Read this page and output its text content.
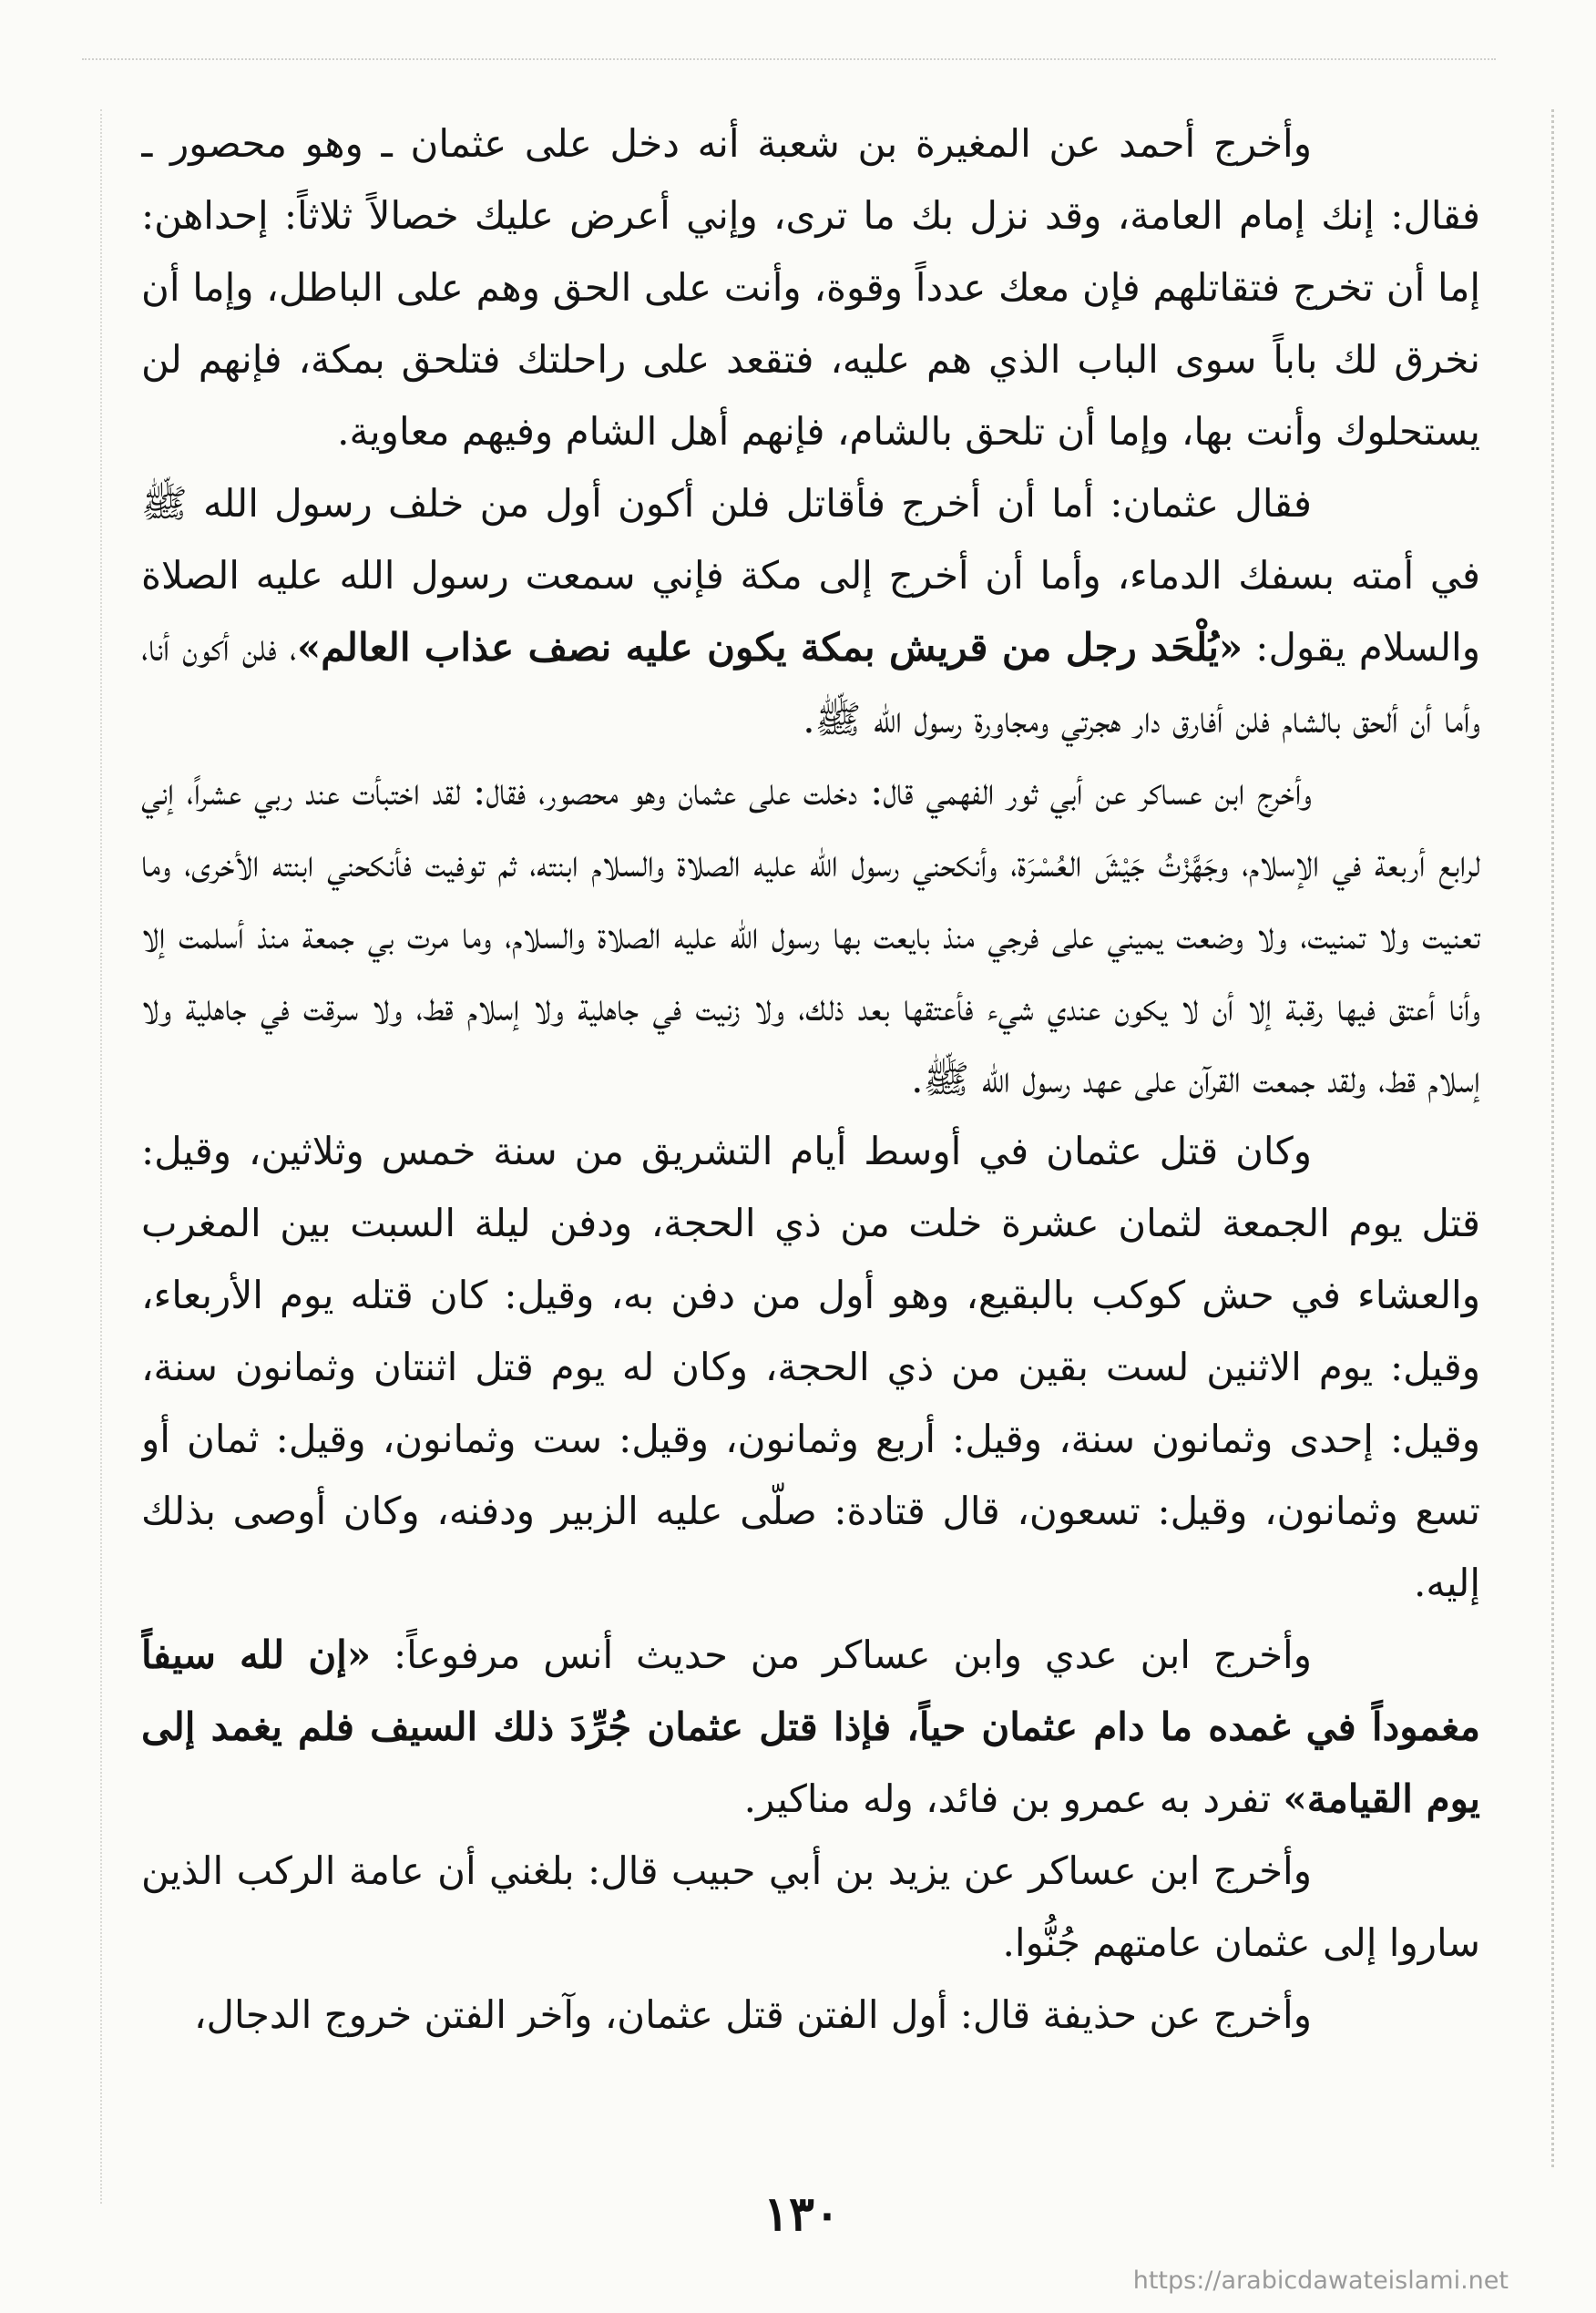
وأخرج أحمد عن المغيرة بن شعبة أنه دخل على عثمان ـ وهو محصور ـ فقال: إنك إمام العامة، وقد نزل بك ما ترى، وإني أعرض عليك خصالاً ثلاثاً: إحداهن: إما أن تخرج فتقاتلهم فإن معك عدداً وقوة، وأنت على الحق وهم على الباطل، وإما أن نخرق لك باباً سوى الباب الذي هم عليه، فتقعد على راحلتك فتلحق بمكة، فإنهم لن يستحلوك وأنت بها، وإما أن تلحق بالشام، فإنهم أهل الشام وفيهم معاوية.

فقال عثمان: أما أن أخرج فأقاتل فلن أكون أول من خلف رسول الله ﷺ في أمته بسفك الدماء، وأما أن أخرج إلى مكة فإني سمعت رسول الله عليه الصلاة والسلام يقول: «يُلْحَد رجل من قريش بمكة يكون عليه نصف عذاب العالم»، فلن أكون أنا، وأما أن ألحق بالشام فلن أفارق دار هجرتي ومجاورة رسول الله ﷺ.

وأخرج ابن عساكر عن أبي ثور الفهمي قال: دخلت على عثمان وهو محصور، فقال: لقد اختبأت عند ربي عشراً، إني لرابع أربعة في الإسلام، وجَهَّزْتُ جَيْشَ العُسْرَة، وأنكحني رسول الله عليه الصلاة والسلام ابنته، ثم توفيت فأنكحني ابنته الأخرى، وما تعنيت ولا تمنيت، ولا وضعت يميني على فرجي منذ بايعت بها رسول الله عليه الصلاة والسلام، وما مرت بي جمعة منذ أسلمت إلا وأنا أعتق فيها رقبة إلا أن لا يكون عندي شيء فأعتقها بعد ذلك، ولا زنيت في جاهلية ولا إسلام قط، ولا سرقت في جاهلية ولا إسلام قط، ولقد جمعت القرآن على عهد رسول الله ﷺ.

وكان قتل عثمان في أوسط أيام التشريق من سنة خمس وثلاثين، وقيل: قتل يوم الجمعة لثمان عشرة خلت من ذي الحجة، ودفن ليلة السبت بين المغرب والعشاء في حش كوكب بالبقيع، وهو أول من دفن به، وقيل: كان قتله يوم الأربعاء، وقيل: يوم الاثنين لست بقين من ذي الحجة، وكان له يوم قتل اثنتان وثمانون سنة، وقيل: إحدى وثمانون سنة، وقيل: أربع وثمانون، وقيل: ست وثمانون، وقيل: ثمان أو تسع وثمانون، وقيل: تسعون، قال قتادة: صلّى عليه الزبير ودفنه، وكان أوصى بذلك إليه.

وأخرج ابن عدي وابن عساكر من حديث أنس مرفوعاً: «إن لله سيفاً مغموداً في غمده ما دام عثمان حياً، فإذا قتل عثمان جُرِّدَ ذلك السيف فلم يغمد إلى يوم القيامة» تفرد به عمرو بن فائد، وله مناكير.

وأخرج ابن عساكر عن يزيد بن أبي حبيب قال: بلغني أن عامة الركب الذين ساروا إلى عثمان عامتهم جُنُّوا.

وأخرج عن حذيفة قال: أول الفتن قتل عثمان، وآخر الفتن خروج الدجال،

١٣٠
https://arabicdawateislami.net
